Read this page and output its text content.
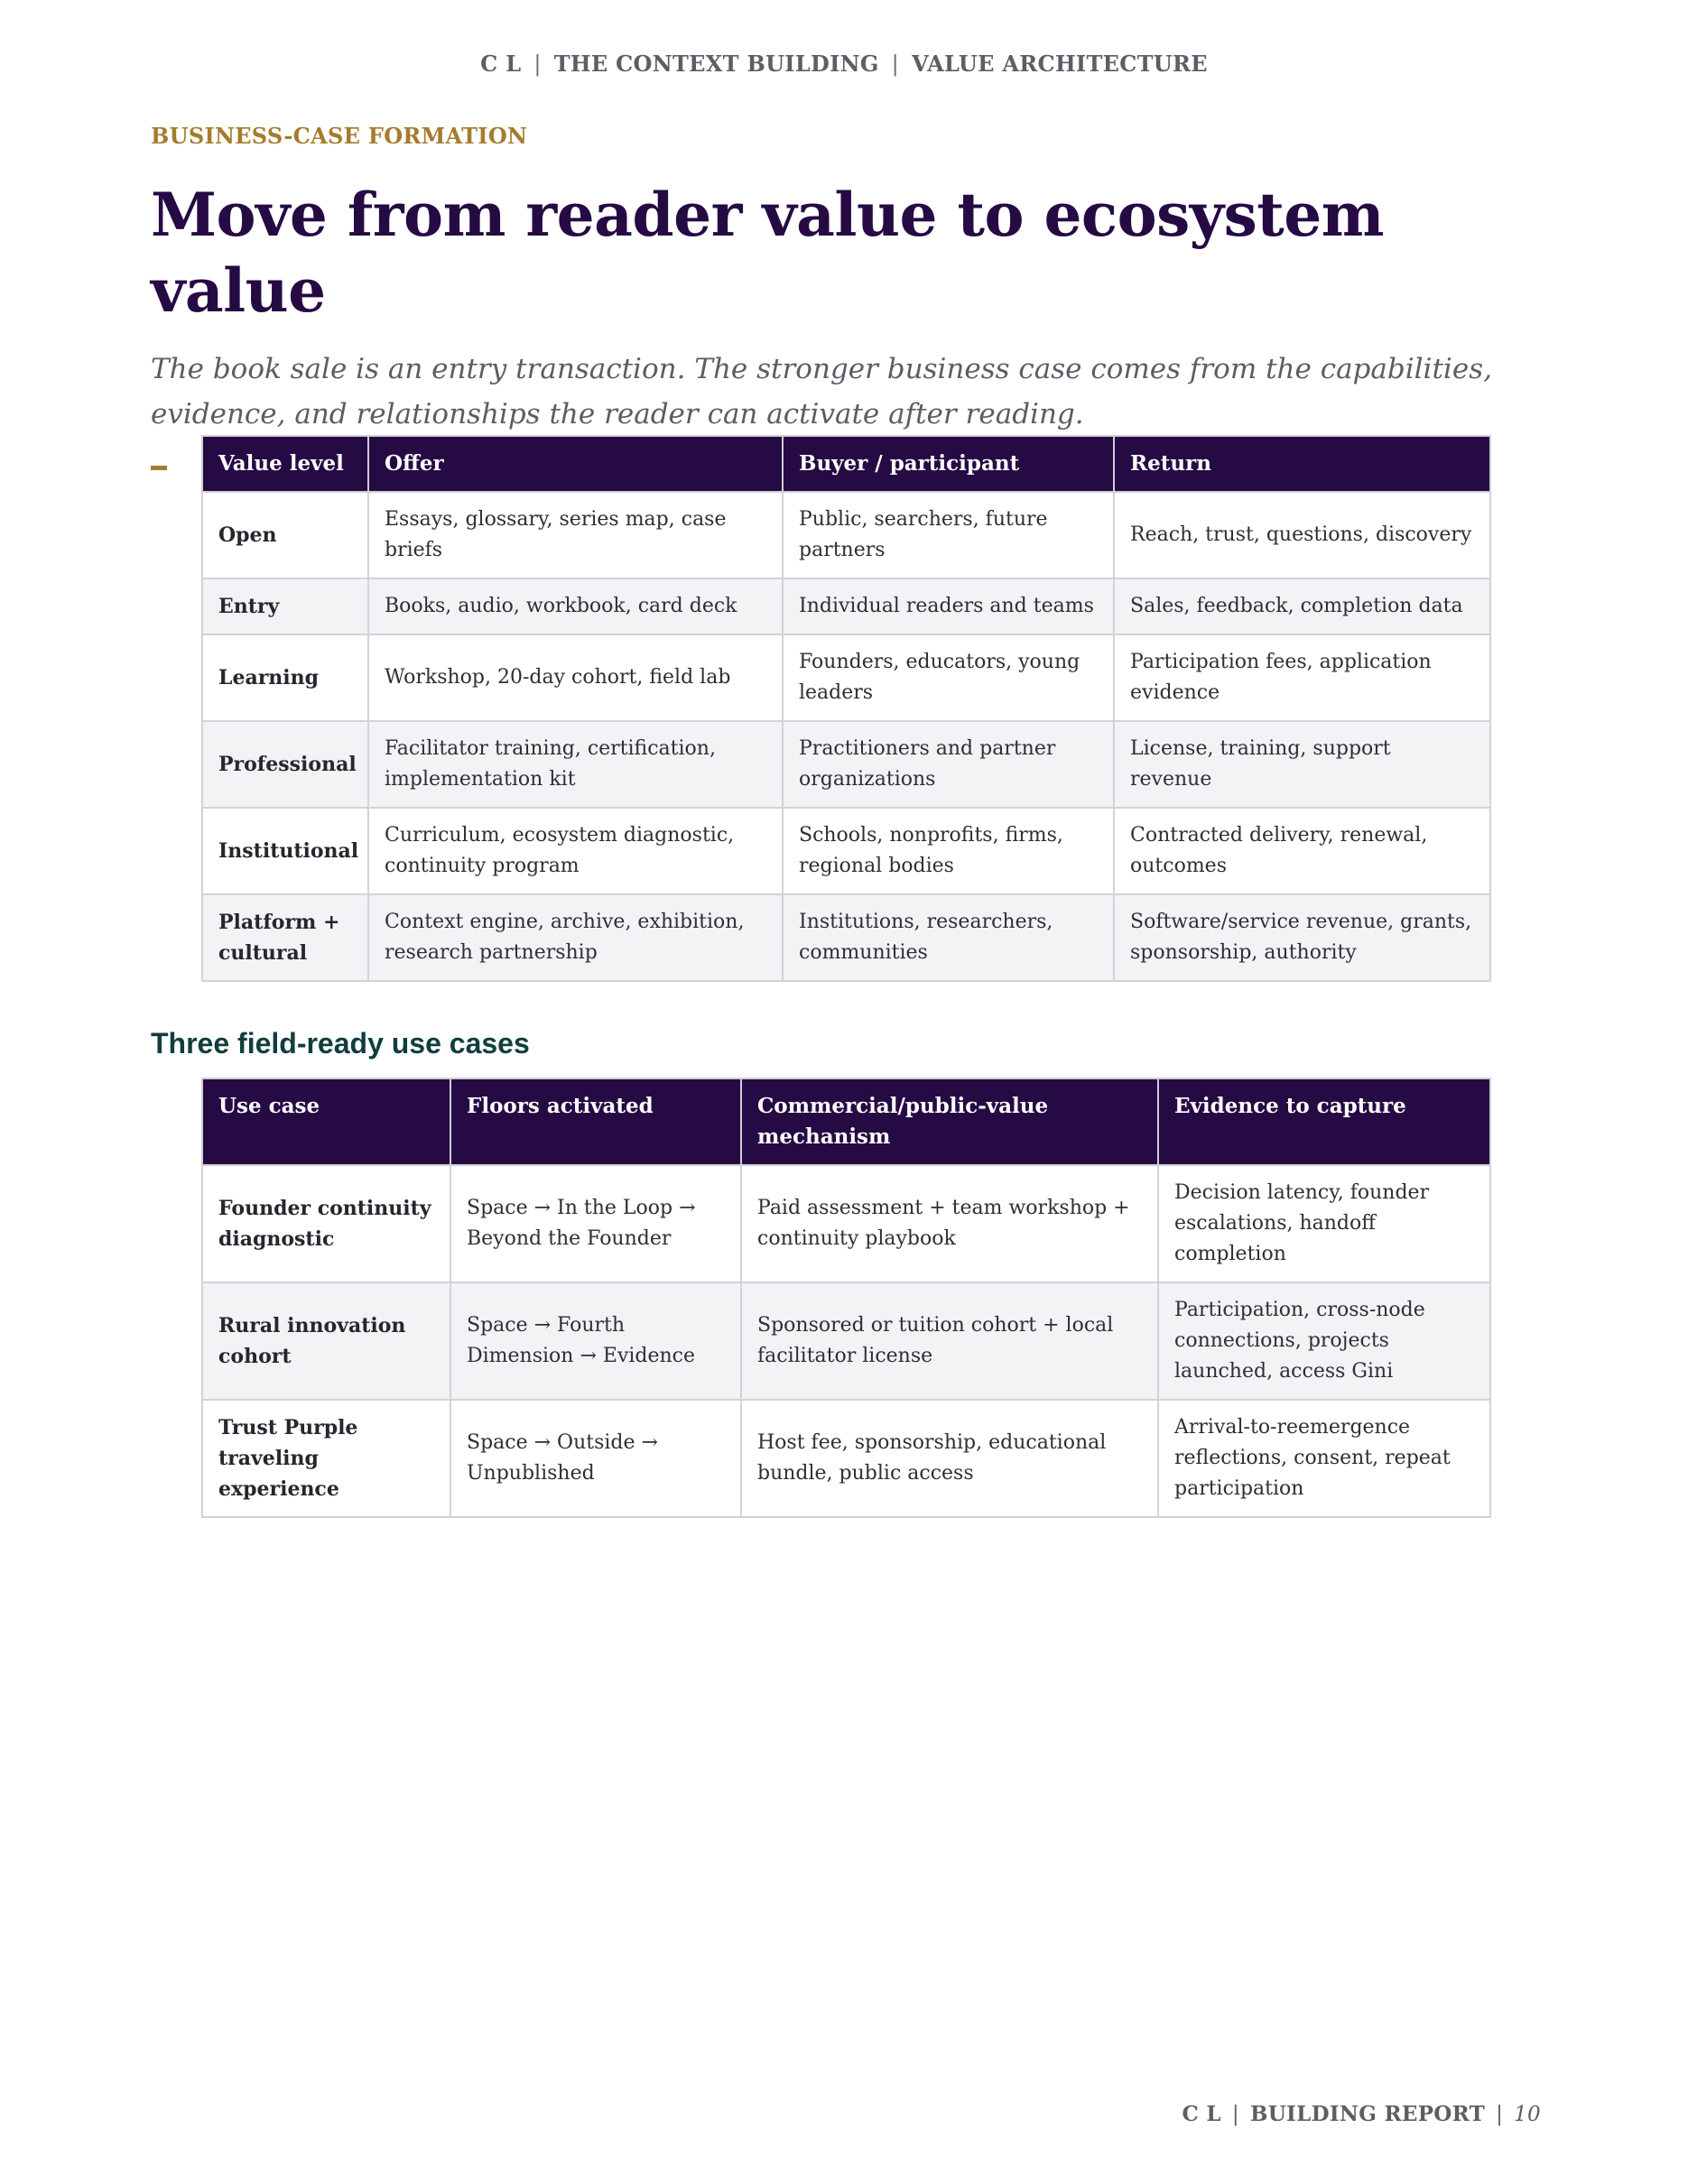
C L | THE CONTEXT BUILDING | VALUE ARCHITECTURE

BUSINESS-CASE FORMATION

Move from reader value to ecosystem value

The book sale is an entry transaction. The stronger business case comes from the capabilities, evidence, and relationships the reader can activate after reading.

Value level	Offer	Buyer / participant	Return
Open	Essays, glossary, series map, case briefs	Public, searchers, future partners	Reach, trust, questions, discovery
Entry	Books, audio, workbook, card deck	Individual readers and teams	Sales, feedback, completion data
Learning	Workshop, 20-day cohort, field lab	Founders, educators, young leaders	Participation fees, application evidence
Professional	Facilitator training, certification, implementation kit	Practitioners and partner organizations	License, training, support revenue
Institutional	Curriculum, ecosystem diagnostic, continuity program	Schools, nonprofits, firms, regional bodies	Contracted delivery, renewal, outcomes
Platform + cultural	Context engine, archive, exhibition, research partnership	Institutions, researchers, communities	Software/service revenue, grants, sponsorship, authority
Three field-ready use cases
Use case	Floors activated	Commercial/public-value mechanism	Evidence to capture
Founder continuity diagnostic	Space → In the Loop → Beyond the Founder	Paid assessment + team workshop + continuity playbook	Decision latency, founder escalations, handoff completion
Rural innovation cohort	Space → Fourth Dimension → Evidence	Sponsored or tuition cohort + local facilitator license	Participation, cross-node connections, projects launched, access Gini
Trust Purple traveling experience	Space → Outside → Unpublished	Host fee, sponsorship, educational bundle, public access	Arrival-to-reemergence reflections, consent, repeat participation
C L | BUILDING REPORT | 10
